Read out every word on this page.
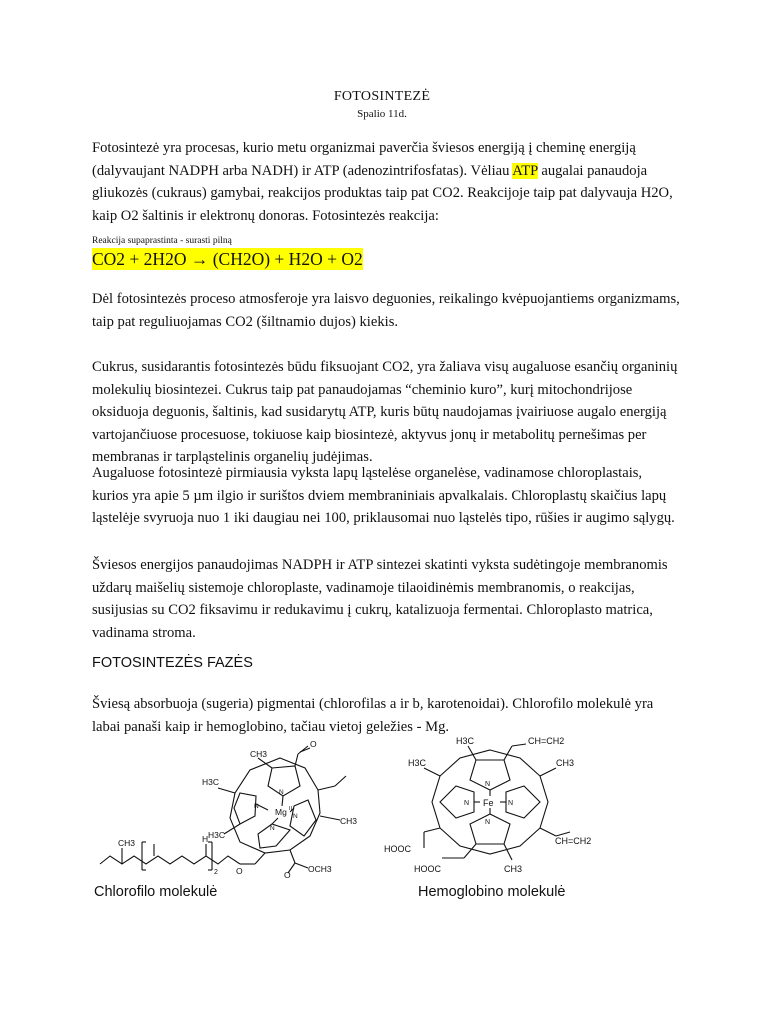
FOTOSINTEZĖ
Spalio 11d.

Fotosintezė yra procesas, kurio metu organizmai paverčia šviesos energiją į cheminę energiją (dalyvaujant NADPH arba NADH) ir ATP (adenozintrifosfatas). Vėliau ATP augalai panaudoja gliukozės (cukraus) gamybai, reakcijos produktas taip pat CO2. Reakcijoje taip pat dalyvauja H2O, kaip O2 šaltinis ir elektronų donoras. Fotosintezės reakcija:

Reakcija supaprastinta - surasti pilną
CO2 + 2H2O → (CH2O) + H2O + O2

Dėl fotosintezės proceso atmosferoje yra laisvo deguonies, reikalingo kvėpuojantiems organizmams, taip pat reguliuojamas CO2 (šiltnamio dujos) kiekis.

Cukrus, susidarantis fotosintezės būdu fiksuojant CO2, yra žaliava visų augaluose esančių organinių molekulių biosintezei. Cukrus taip pat panaudojamas “cheminio kuro”, kurį mitochondrijose oksiduoja deguonis, šaltinis, kad susidarytų ATP, kuris būtų naudojamas įvairiuose augalo energiją vartojančiuose procesuose, tokiuose kaip biosintezė, aktyvus jonų ir metabolitų pernešimas per membranas ir tarpląstelinis organelių judėjimas.

Augaluose fotosintezė pirmiausia vyksta lapų ląstelėse organelėse, vadinamose chloroplastais, kurios yra apie 5 µm ilgio ir surištos dviem membraniniais apvalkalais. Chloroplastų skaičius lapų ląstelėje svyruoja nuo 1 iki daugiau nei 100, priklausomai nuo ląstelės tipo, rūšies ir augimo sąlygų.

Šviesos energijos panaudojimas NADPH ir ATP sintezei skatinti vyksta sudėtingoje membranomis uždarų maišelių sistemoje chloroplaste, vadinamoje tilaoidinėmis membranomis, o reakcijas, susijusias su CO2 fiksavimu ir redukavimu į cukrų, katalizuoja fermentai. Chloroplasto matrica, vadinama stroma.

FOTOSINTEZĖS FAZĖS

Šviesą absorbuoja (sugeria) pigmentai (chlorofilas a ir b, karotenoidai). Chlorofilo molekulė yra labai panaši kaip ir hemoglobino, tačiau vietoj geležies - Mg.

Chlorofilo molekulė	Hemoglobino molekulė
Mg II
O
CH3
H3C
H3C
CH3
OCH3
O
O
2
CH3	H
N
N
N
N	Fe
H3C	CH=CH2
H3C	CH3
CH=CH2
HOOC
HOOC	CH3
N
N
N
N
